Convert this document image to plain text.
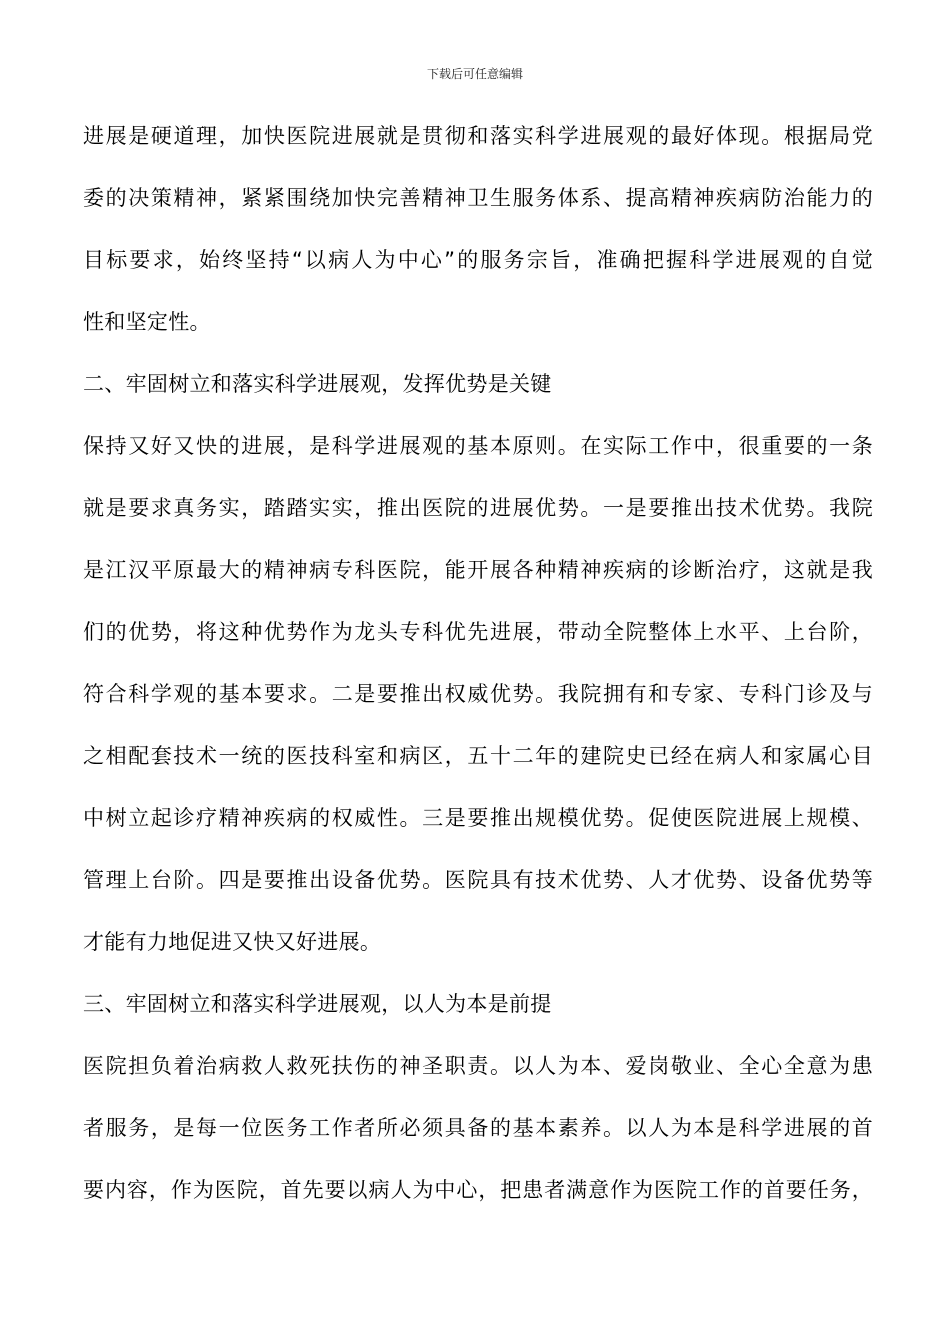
下载后可任意编辑
进展是硬道理，加快医院进展就是贯彻和落实科学进展观的最好体现。根据局党
委的决策精神，紧紧围绕加快完善精神卫生服务体系、提高精神疾病防治能力的
目标要求，始终坚持“以病人为中心”的服务宗旨，准确把握科学进展观的自觉
性和坚定性。
二、牢固树立和落实科学进展观，发挥优势是关键
保持又好又快的进展，是科学进展观的基本原则。在实际工作中，很重要的一条
就是要求真务实，踏踏实实，推出医院的进展优势。一是要推出技术优势。我院
是江汉平原最大的精神病专科医院，能开展各种精神疾病的诊断治疗，这就是我
们的优势，将这种优势作为龙头专科优先进展，带动全院整体上水平、上台阶，
符合科学观的基本要求。二是要推出权威优势。我院拥有和专家、专科门诊及与
之相配套技术一统的医技科室和病区，五十二年的建院史已经在病人和家属心目
中树立起诊疗精神疾病的权威性。三是要推出规模优势。促使医院进展上规模、
管理上台阶。四是要推出设备优势。医院具有技术优势、人才优势、设备优势等
才能有力地促进又快又好进展。
三、牢固树立和落实科学进展观，以人为本是前提
医院担负着治病救人救死扶伤的神圣职责。以人为本、爱岗敬业、全心全意为患
者服务，是每一位医务工作者所必须具备的基本素养。以人为本是科学进展的首
要内容，作为医院，首先要以病人为中心，把患者满意作为医院工作的首要任务，
